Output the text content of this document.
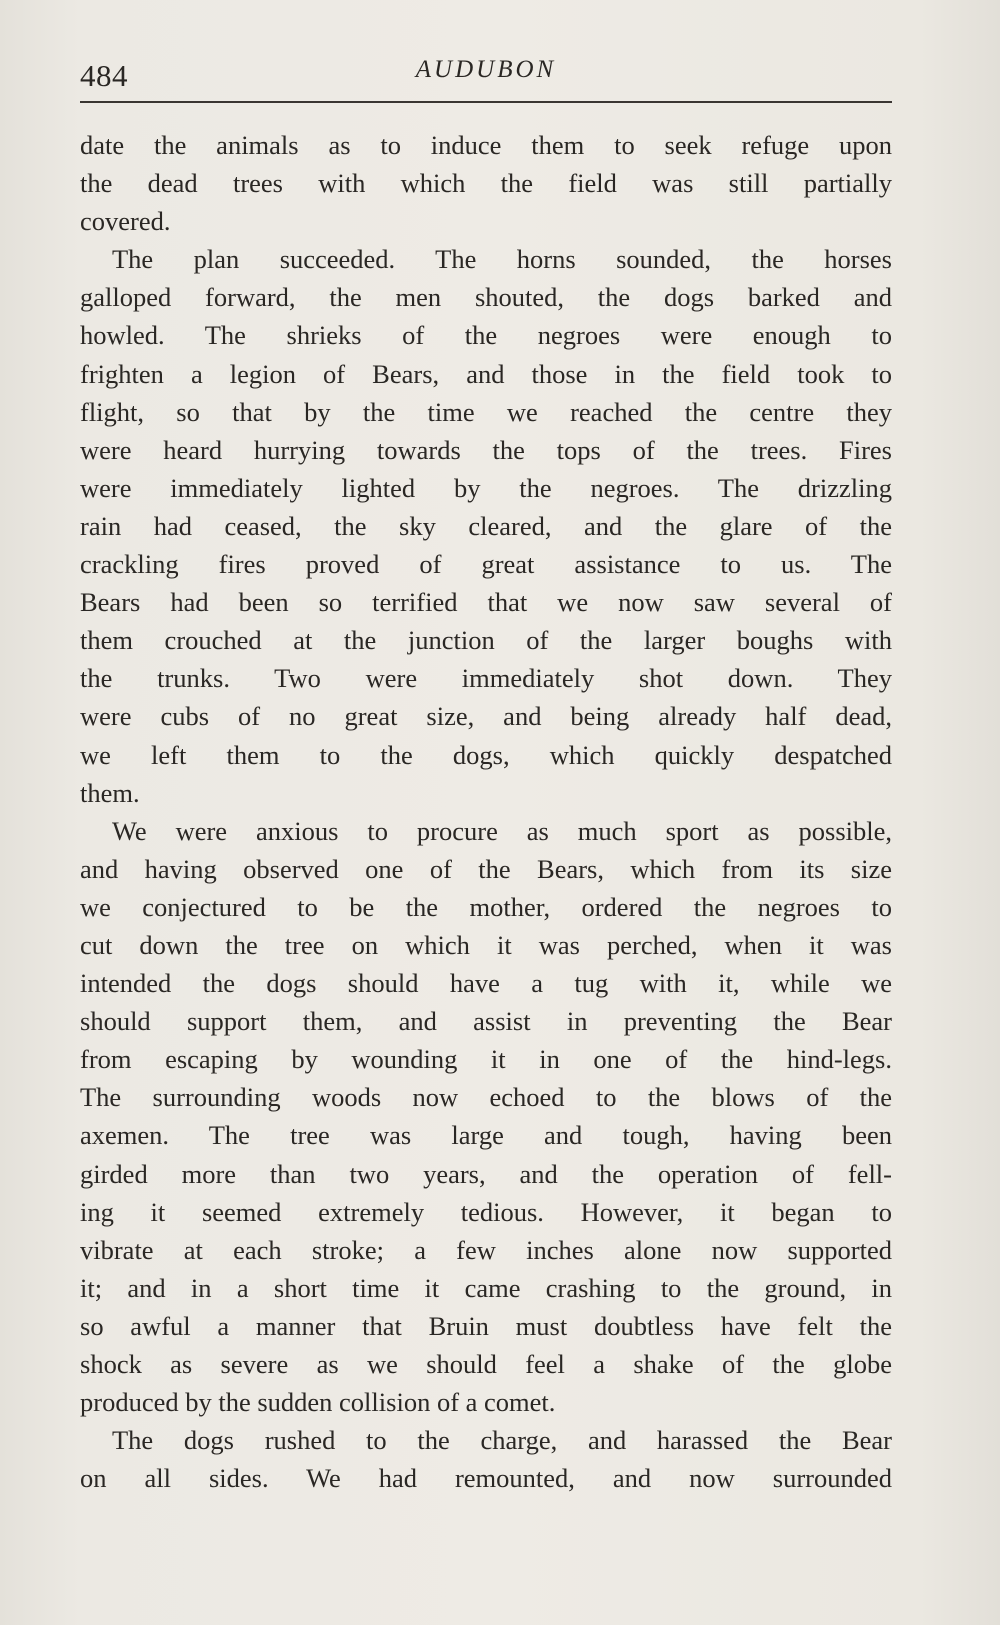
484	AUDUBON
date the animals as to induce them to seek refuge upon
the dead trees with which the field was still partially
covered.
The plan succeeded. The horns sounded, the horses
galloped forward, the men shouted, the dogs barked and
howled. The shrieks of the negroes were enough to
frighten a legion of Bears, and those in the field took to
flight, so that by the time we reached the centre they
were heard hurrying towards the tops of the trees. Fires
were immediately lighted by the negroes. The drizzling
rain had ceased, the sky cleared, and the glare of the
crackling fires proved of great assistance to us. The
Bears had been so terrified that we now saw several of
them crouched at the junction of the larger boughs with
the trunks. Two were immediately shot down. They
were cubs of no great size, and being already half dead,
we left them to the dogs, which quickly despatched
them.
We were anxious to procure as much sport as possible,
and having observed one of the Bears, which from its size
we conjectured to be the mother, ordered the negroes to
cut down the tree on which it was perched, when it was
intended the dogs should have a tug with it, while we
should support them, and assist in preventing the Bear
from escaping by wounding it in one of the hind-legs.
The surrounding woods now echoed to the blows of the
axemen. The tree was large and tough, having been
girded more than two years, and the operation of fell-
ing it seemed extremely tedious. However, it began to
vibrate at each stroke; a few inches alone now supported
it; and in a short time it came crashing to the ground, in
so awful a manner that Bruin must doubtless have felt the
shock as severe as we should feel a shake of the globe
produced by the sudden collision of a comet.
The dogs rushed to the charge, and harassed the Bear
on all sides. We had remounted, and now surrounded
